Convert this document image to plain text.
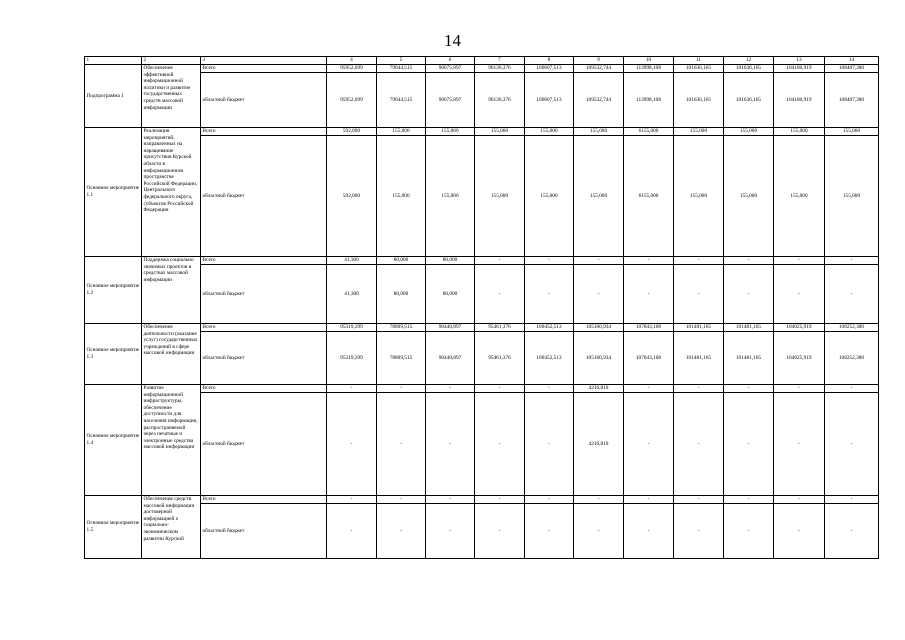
14
1	2	3	4	5	6	7	8	9	10	11	12	13	14
Подпрограмма 1	Обеспечение эффективной информационной политики и развитие государственных средств массовой информации	Всего	95952,699	79044,515	90675,897	96136,376	100607,513	109532,744	113998,108	101636,165	101636,165	104180,919	108407,380
		областной бюджет	95952,699	79044,515	90675,897	96136,376	100607,513	109532,744	113998,108	101636,165	101636,165	104180,919	108407,380
Основное мероприятие 1.1	Реализация мероприятий, направленных на наращивание присутствия Курской области в информационном пространстве Российской Федерации, Центрального федерального округа, субъектов Российской Федерации	Всего	592,000	155,000	155,000	155,000	155,000	155,000	6155,000	155,000	155,000	155,000	155,000
		областной бюджет	592,000	155,000	155,000	155,000	155,000	155,000	6155,000	155,000	155,000	155,000	155,000
Основное мероприятие 1.2	Поддержка социально значимых проектов в средствах массовой информации	Всего	41,300	80,000	80,000	-	-	-	-	-	-	-	-
		областной бюджет	41,300	80,000	80,000	-	-	-	-	-	-	-	-
Основное мероприятие 1.3	Обеспечение деятельности (оказание услуг) государственных учреждений в сфере массовой информации	Всего	95319,399	78809,515	90440,897	95461,376	100452,513	105160,934	107843,108	101481,165	101481,165	104025,919	108252,380
		областной бюджет	95319,399	78809,515	90440,897	95461,376	100452,513	105160,934	107843,108	101481,165	101481,165	104025,919	108252,380
Основное мероприятие 1.4	Развитие информационной инфраструктуры, обеспечение доступности для населения информации, распространяемой через печатные и электронные средства массовой информации	Всего	-	-	-	-	-	4216,810	-	-	-	-	-
		областной бюджет	-	-	-	-	-	4216,810	-	-	-	-	-
Основное мероприятие 1.5	Обеспечение средств массовой информации достоверной информацией о социально-экономическом развитии Курской	Всего	-	-	-	-	-	-	-	-	-	-	-
		областной бюджет	-	-	-	-	-	-	-	-	-	-	-
